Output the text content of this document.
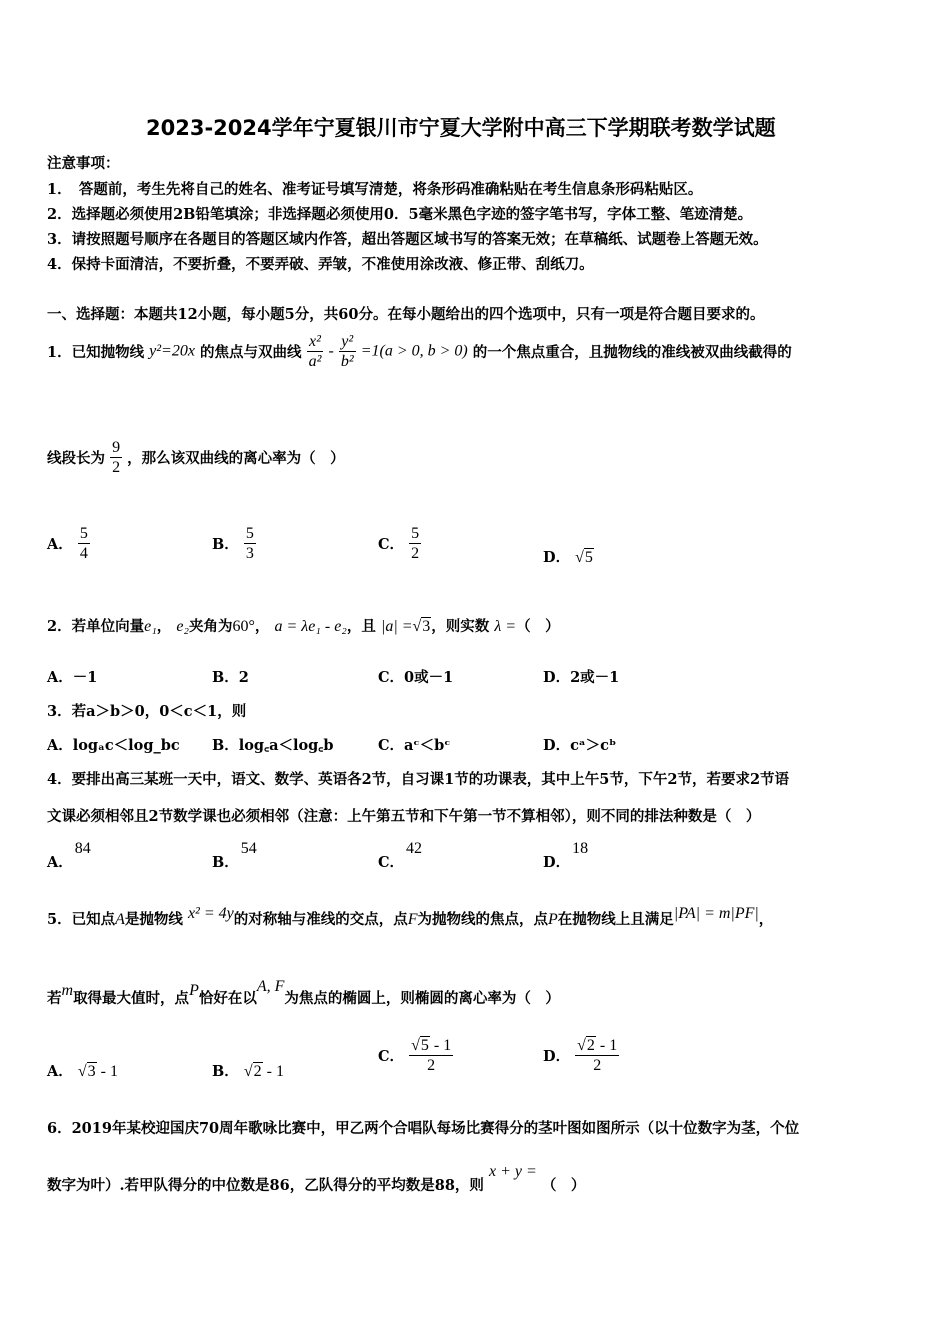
2023-2024学年宁夏银川市宁夏大学附中高三下学期联考数学试题
注意事项：
1．　答题前，考生先将自己的姓名、准考证号填写清楚，将条形码准确粘贴在考生信息条形码粘贴区。
2．选择题必须使用2B铅笔填涂；非选择题必须使用0．5毫米黑色字迹的签字笔书写，字体工整、笔迹清楚。
3．请按照题号顺序在各题目的答题区域内作答，超出答题区域书写的答案无效；在草稿纸、试题卷上答题无效。
4．保持卡面清洁，不要折叠，不要弄破、弄皱，不准使用涂改液、修正带、刮纸刀。
一、选择题：本题共12小题，每小题5分，共60分。在每小题给出的四个选项中，只有一项是符合题目要求的。
1．已知抛物线 y²=20x 的焦点与双曲线 $\frac{\text{x²}}{\text{a²}} - \frac{\text{y²}}{\text{b²}} =1(a > 0$, b > 0) 的一个焦点重合，且抛物线的准线被双曲线截得的
线段长为 $\frac{9}{2}$ ，那么该双曲线的离心率为（　）
A． $\frac{5}{4}$	B． $\frac{5}{3}$	C． $\frac{5}{2}$	D． √5
2．若单位向量e₁， e₂夹角为60°， a = λe₁ - e₂，且 |a| =√3，则实数 λ =（　）
A．－1	B．2	C．0或－1	D．2或－1
3．若a＞b＞0，0＜c＜1，则
A．logₐc＜log_bc B．log꜀a＜log꜀b	C．aᶜ＜bᶜ	D．cᵃ＞cᵇ
4．要排出高三某班一天中，语文、数学、英语各2节，自习课1节的功课表，其中上午5节，下午2节，若要求2节语
文课必须相邻且2节数学课也必须相邻（注意：上午第五节和下午第一节不算相邻），则不同的排法种数是（　）
A．84
B．54
C．42
D．18
5．已知点A是抛物线 x² = 4y的对称轴与准线的交点，点F为抛物线的焦点，点P在抛物线上且满足|PA| = m|PF|，
若m取得最大值时，点P恰好在以A, F为焦点的椭圆上，则椭圆的离心率为（　）
A． √3 - 1	B． √2 - 1
C． $\frac{√5 - 1}{2}$	D． $\frac{√2 - 1}{2}$
6．2019年某校迎国庆70周年歌咏比赛中，甲乙两个合唱队每场比赛得分的茎叶图如图所示（以十位数字为茎，个位
数字为叶）.若甲队得分的中位数是86，乙队得分的平均数是88，则 x + y = （　）
